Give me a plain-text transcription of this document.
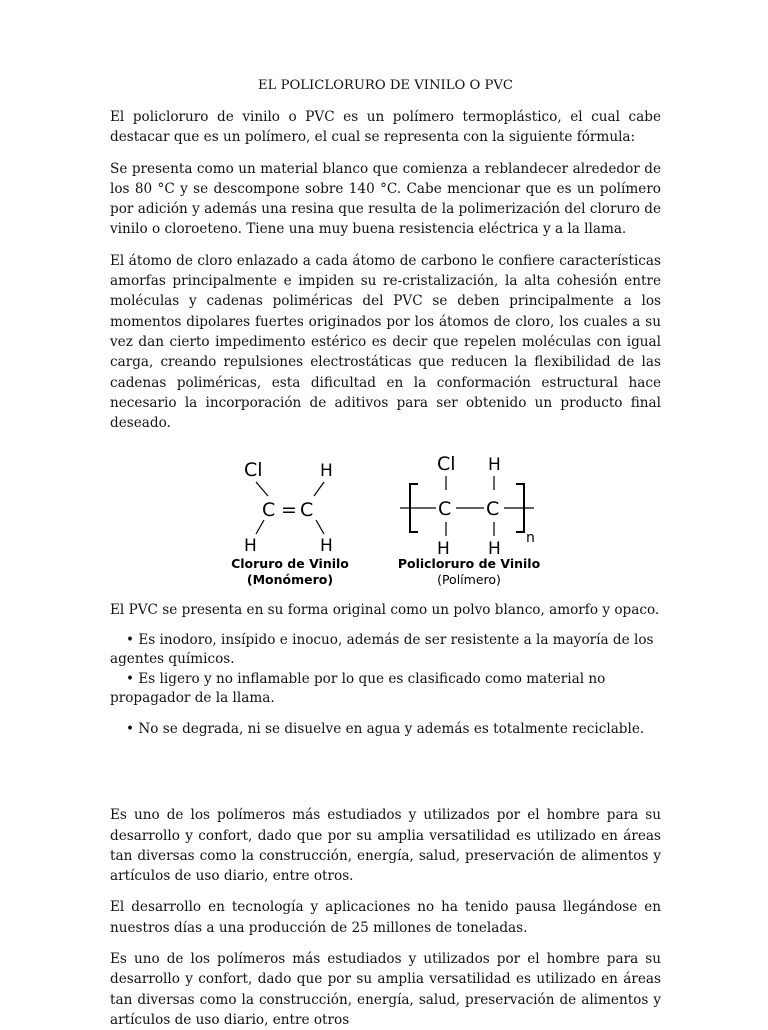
EL POLICLORURO DE VINILO O PVC

El policloruro de vinilo o PVC es un polímero termoplástico, el cual cabe destacar que es un polímero, el cual se representa con la siguiente fórmula:

Se presenta como un material blanco que comienza a reblandecer alrededor de los 80 °C y se descompone sobre 140 °C. Cabe mencionar que es un polímero por adición y además una resina que resulta de la polimerización del cloruro de vinilo o cloroeteno. Tiene una muy buena resistencia eléctrica y a la llama.

El átomo de cloro enlazado a cada átomo de carbono le confiere características amorfas principalmente e impiden su re-cristalización, la alta cohesión entre moléculas y cadenas poliméricas del PVC se deben principalmente a los momentos dipolares fuertes originados por los átomos de cloro, los cuales a su vez dan cierto impedimento estérico es decir que repelen moléculas con igual carga, creando repulsiones electrostáticas que reducen la flexibilidad de las cadenas poliméricas, esta dificultad en la conformación estructural hace necesario la incorporación de aditivos para ser obtenido un producto final deseado.

Cl	H
C = C
H	H
Cloruro de Vinilo
(Monómero)
Cl H
C C
H H
n
Policloruro de Vinilo
(Polímero)

El PVC se presenta en su forma original como un polvo blanco, amorfo y opaco.

• Es inodoro, insípido e inocuo, además de ser resistente a la mayoría de los agentes químicos.

• Es ligero y no inflamable por lo que es clasificado como material no propagador de la llama.

• No se degrada, ni se disuelve en agua y además es totalmente reciclable.

Es uno de los polímeros más estudiados y utilizados por el hombre para su desarrollo y confort, dado que por su amplia versatilidad es utilizado en áreas tan diversas como la construcción, energía, salud, preservación de alimentos y artículos de uso diario, entre otros.

El desarrollo en tecnología y aplicaciones no ha tenido pausa llegándose en nuestros días a una producción de 25 millones de toneladas.

Es uno de los polímeros más estudiados y utilizados por el hombre para su desarrollo y confort, dado que por su amplia versatilidad es utilizado en áreas tan diversas como la construcción, energía, salud, preservación de alimentos y artículos de uso diario, entre otros
